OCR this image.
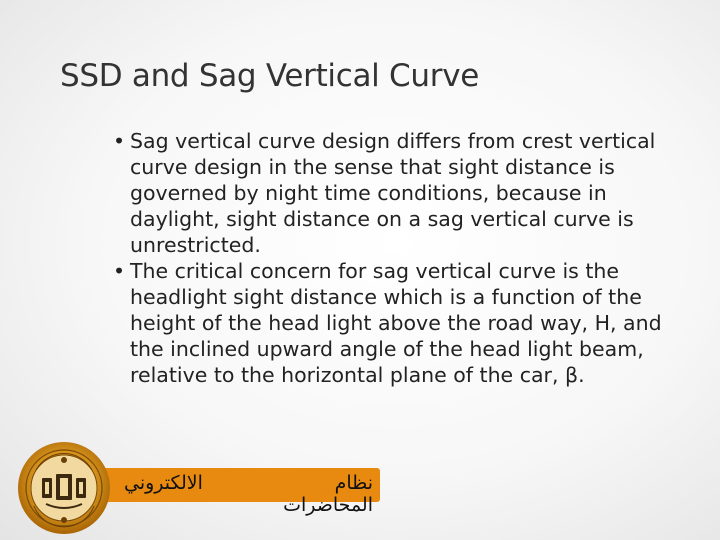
SSD and Sag Vertical Curve
• Sag vertical curve design differs from crest vertical curve design in the sense that sight distance is governed by night time conditions, because in daylight, sight distance on a sag vertical curve is unrestricted.
• The critical concern for sag vertical curve is the headlight sight distance which is a function of the height of the head light above the road way, H, and the inclined upward angle of the head light beam, relative to the horizontal plane of the car, β.
الالكتروني	نظام المحاضرات
